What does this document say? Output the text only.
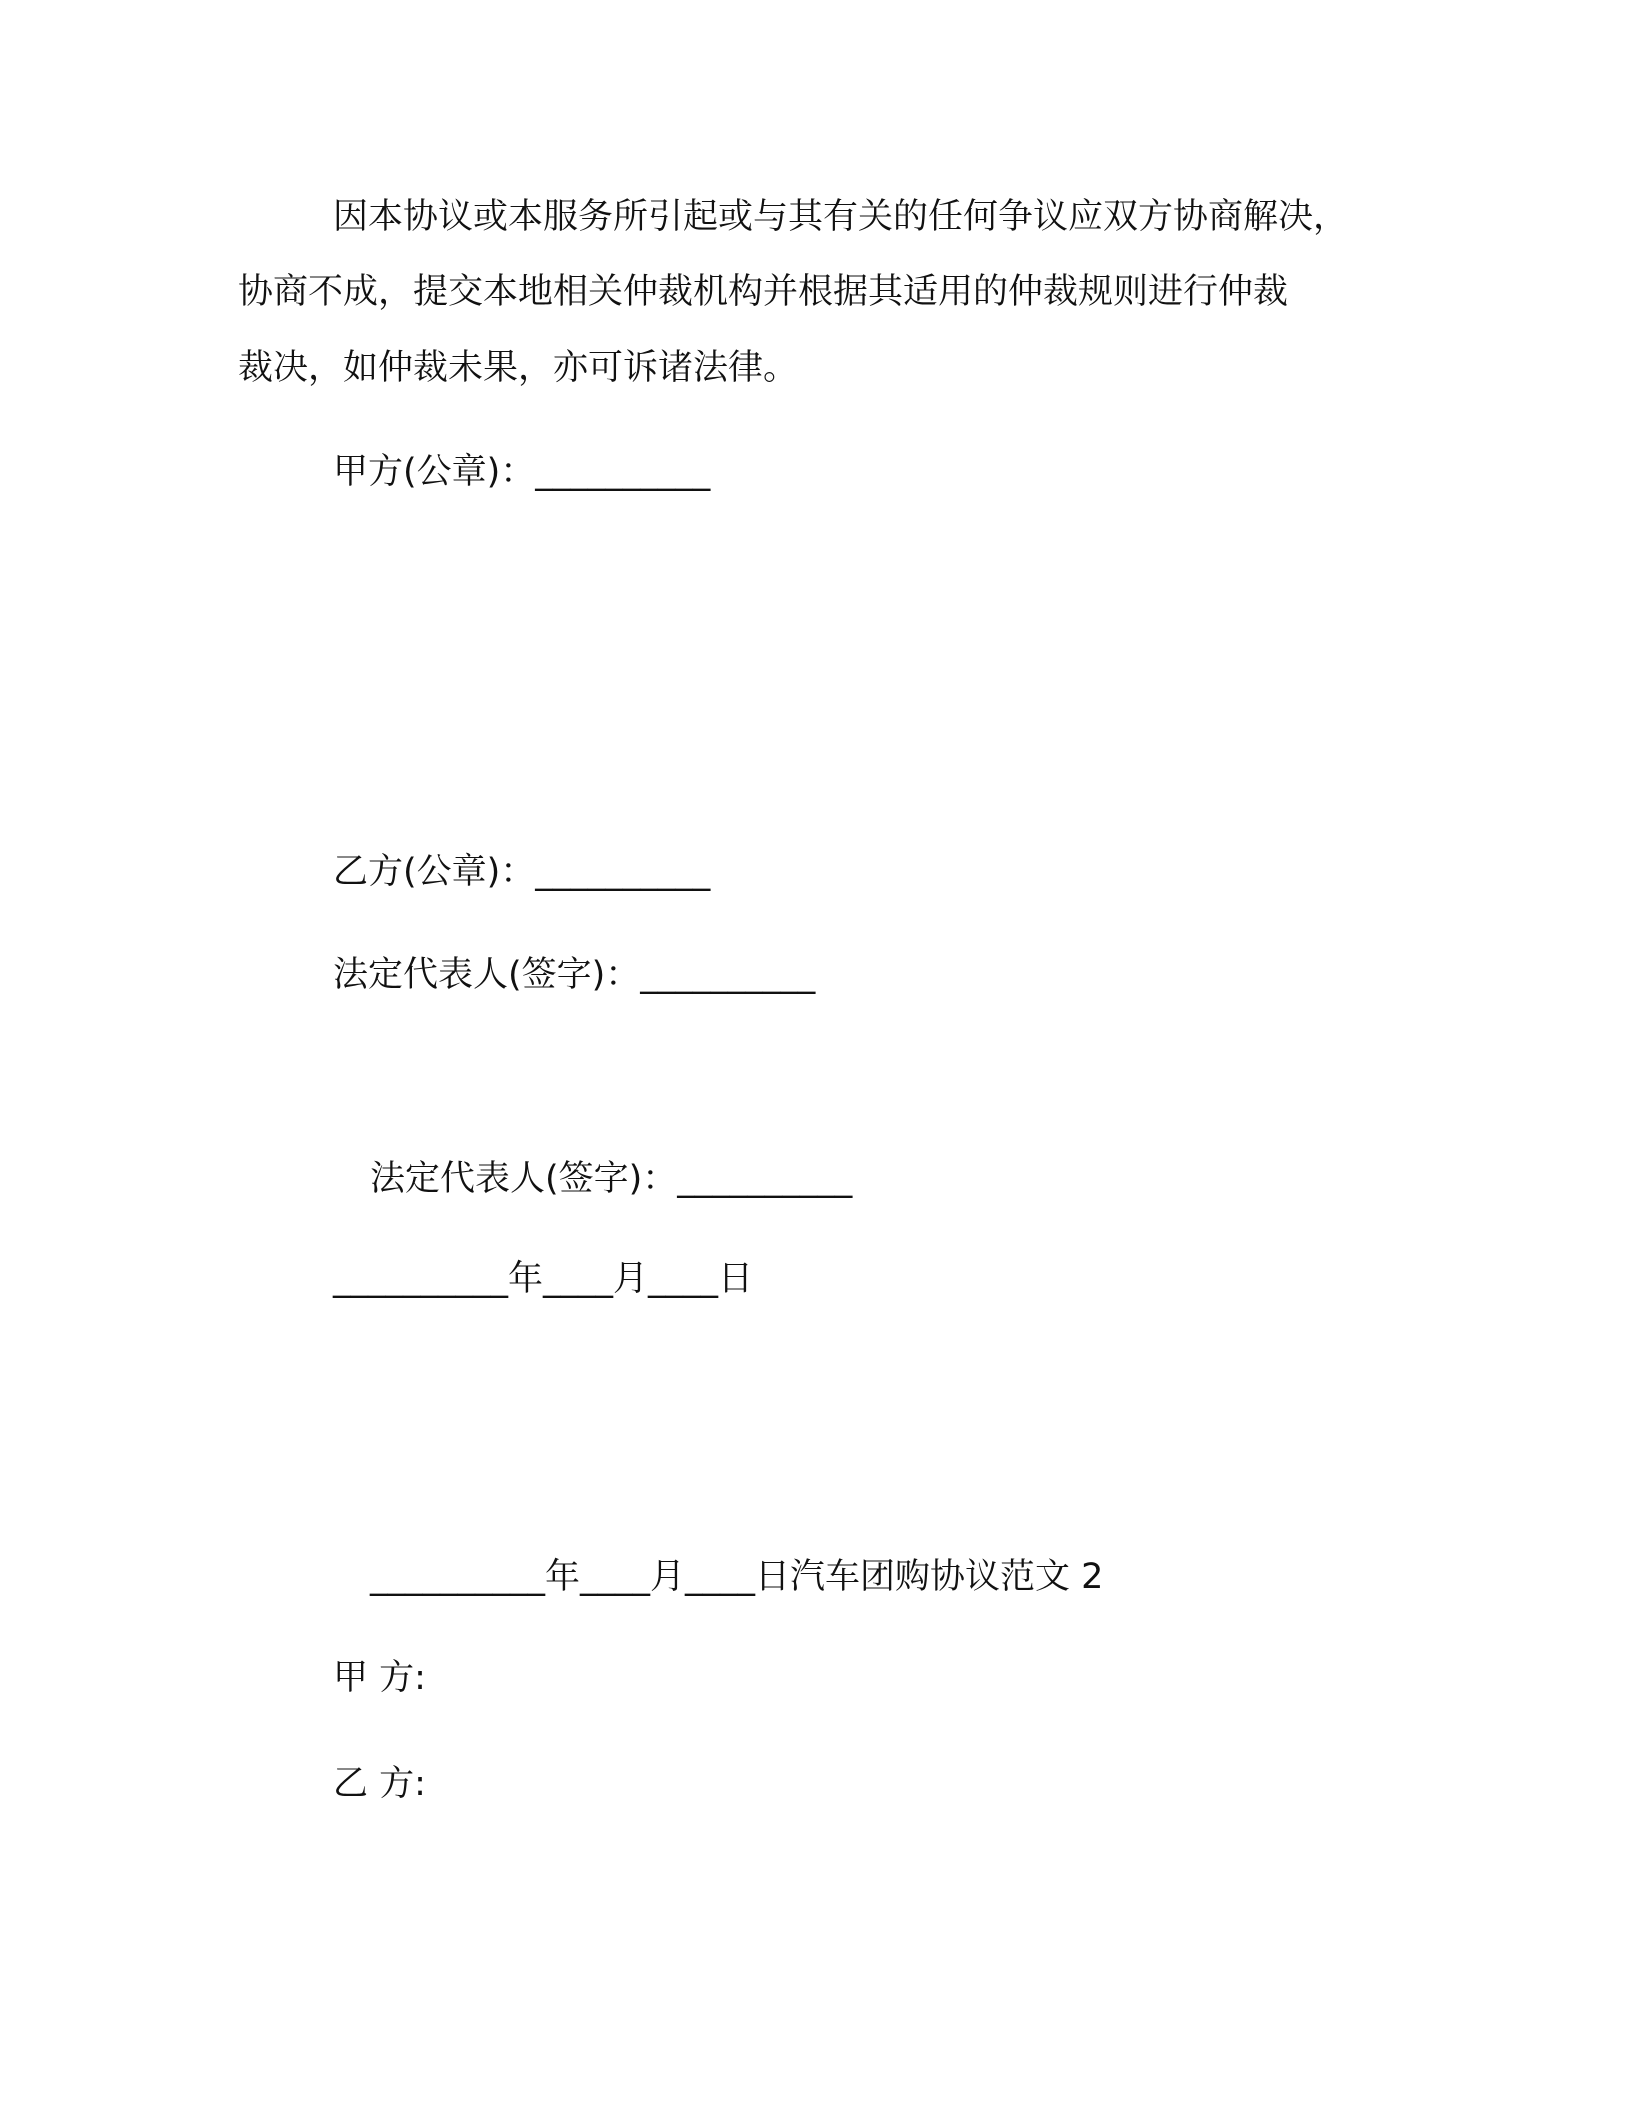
因本协议或本服务所引起或与其有关的任何争议应双方协商解决，
协商不成，提交本地相关仲裁机构并根据其适用的仲裁规则进行仲裁
裁决，如仲裁未果，亦可诉诸法律。
甲方(公章)：__________
乙方(公章)：__________
法定代表人(签字)：__________
法定代表人(签字)：__________
__________年____月____日
__________年____月____日汽车团购协议范文 2
甲 方:
乙 方:
